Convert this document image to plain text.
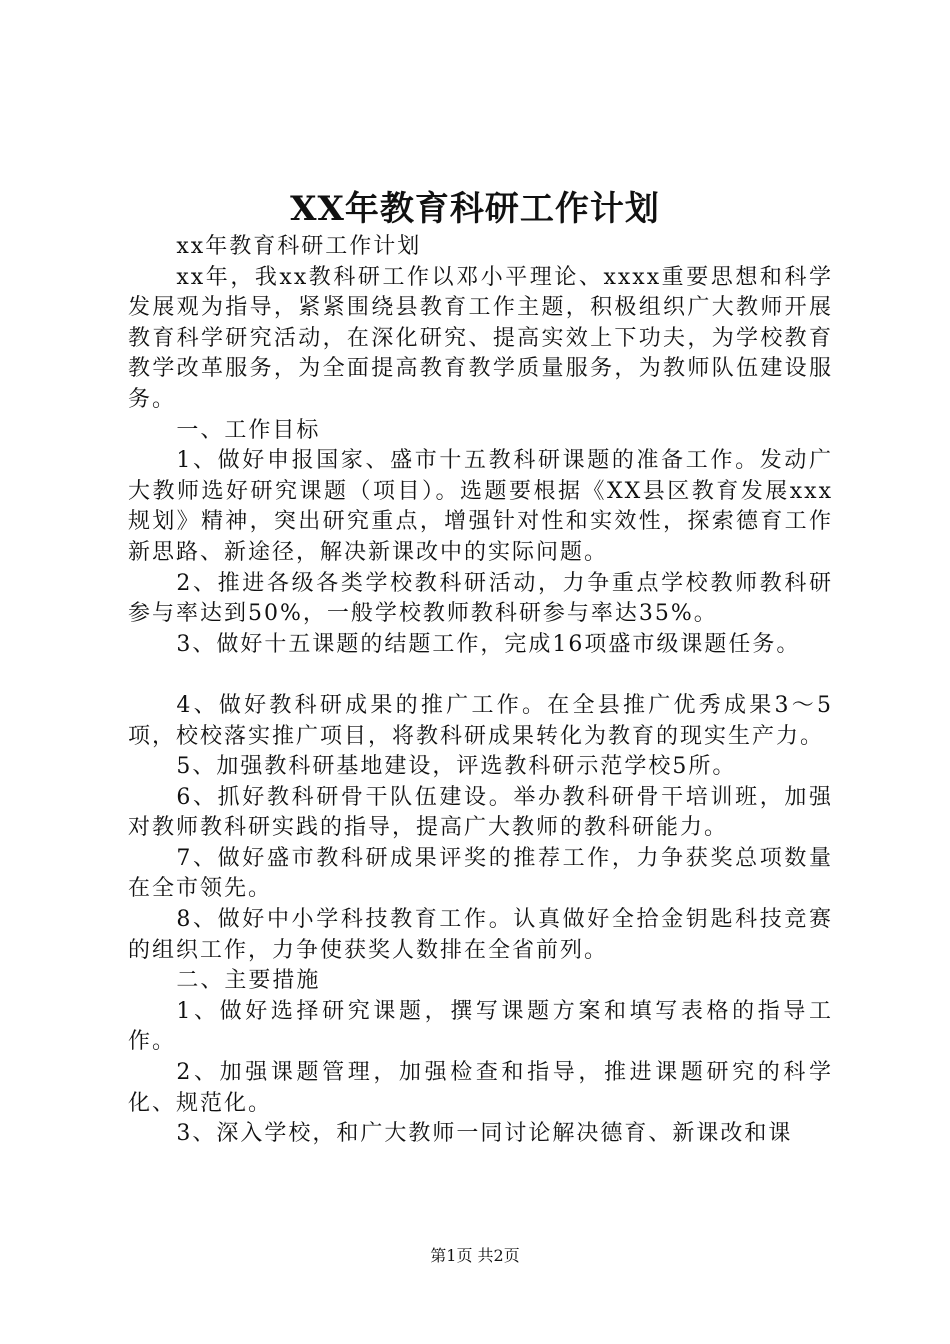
XX年教育科研工作计划

xx年教育科研工作计划

xx年，我xx教科研工作以邓小平理论、xxxx重要思想和科学发展观为指导，紧紧围绕县教育工作主题，积极组织广大教师开展教育科学研究活动，在深化研究、提高实效上下功夫，为学校教育教学改革服务，为全面提高教育教学质量服务，为教师队伍建设服务。

一、工作目标

1、做好申报国家、盛市十五教科研课题的准备工作。发动广大教师选好研究课题（项目）。选题要根据《XX县区教育发展xxx规划》精神，突出研究重点，增强针对性和实效性，探索德育工作新思路、新途径，解决新课改中的实际问题。

2、推进各级各类学校教科研活动，力争重点学校教师教科研参与率达到50%，一般学校教师教科研参与率达35%。

3、做好十五课题的结题工作，完成16项盛市级课题任务。

4、做好教科研成果的推广工作。在全县推广优秀成果3～5项，校校落实推广项目，将教科研成果转化为教育的现实生产力。

5、加强教科研基地建设，评选教科研示范学校5所。

6、抓好教科研骨干队伍建设。举办教科研骨干培训班，加强对教师教科研实践的指导，提高广大教师的教科研能力。

7、做好盛市教科研成果评奖的推荐工作，力争获奖总项数量在全市领先。

8、做好中小学科技教育工作。认真做好全拾金钥匙科技竞赛的组织工作，力争使获奖人数排在全省前列。

二、主要措施

1、做好选择研究课题，撰写课题方案和填写表格的指导工作。

2、加强课题管理，加强检查和指导，推进课题研究的科学化、规范化。

3、深入学校，和广大教师一同讨论解决德育、新课改和课

第1页 共2页
